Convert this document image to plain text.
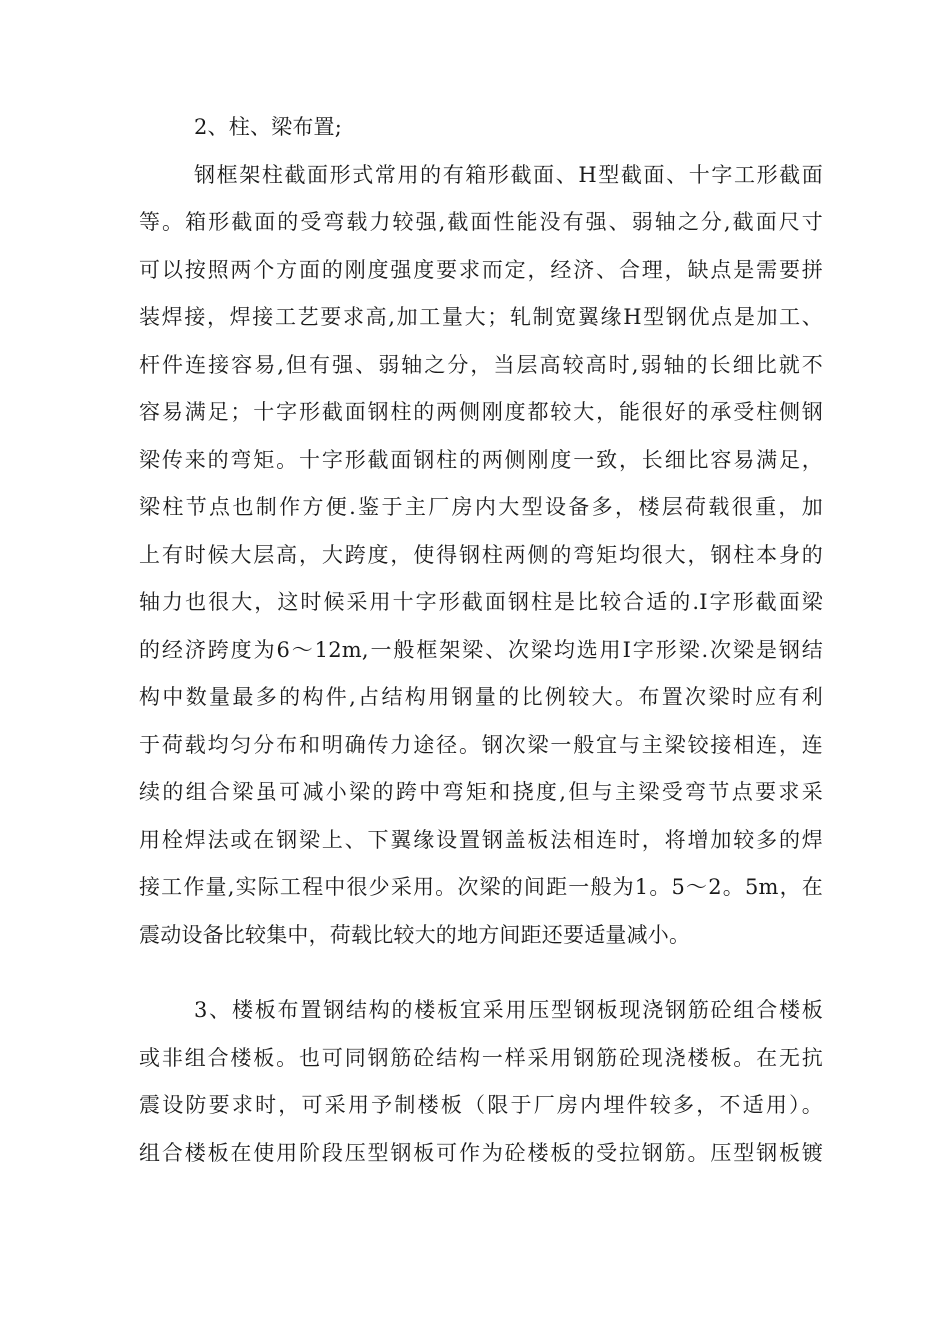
2、柱、梁布置;
钢框架柱截面形式常用的有箱形截面、H型截面、十字工形截面
等。箱形截面的受弯载力较强,截面性能没有强、弱轴之分,截面尺寸
可以按照两个方面的刚度强度要求而定，经济、合理，缺点是需要拼
装焊接，焊接工艺要求高,加工量大；轧制宽翼缘H型钢优点是加工、
杆件连接容易,但有强、弱轴之分，当层高较高时,弱轴的长细比就不
容易满足；十字形截面钢柱的两侧刚度都较大，能很好的承受柱侧钢
梁传来的弯矩。十字形截面钢柱的两侧刚度一致，长细比容易满足，
梁柱节点也制作方便.鉴于主厂房内大型设备多，楼层荷载很重，加
上有时候大层高，大跨度，使得钢柱两侧的弯矩均很大，钢柱本身的
轴力也很大，这时候采用十字形截面钢柱是比较合适的.I字形截面梁
的经济跨度为6～12m,一般框架梁、次梁均选用I字形梁.次梁是钢结
构中数量最多的构件,占结构用钢量的比例较大。布置次梁时应有利
于荷载均匀分布和明确传力途径。钢次梁一般宜与主梁铰接相连，连
续的组合梁虽可减小梁的跨中弯矩和挠度,但与主梁受弯节点要求采
用栓焊法或在钢梁上、下翼缘设置钢盖板法相连时，将增加较多的焊
接工作量,实际工程中很少采用。次梁的间距一般为1。5～2。5m，在
震动设备比较集中，荷载比较大的地方间距还要适量减小。
3、楼板布置钢结构的楼板宜采用压型钢板现浇钢筋砼组合楼板
或非组合楼板。也可同钢筋砼结构一样采用钢筋砼现浇楼板。在无抗
震设防要求时，可采用予制楼板（限于厂房内埋件较多，不适用）。
组合楼板在使用阶段压型钢板可作为砼楼板的受拉钢筋。压型钢板镀
